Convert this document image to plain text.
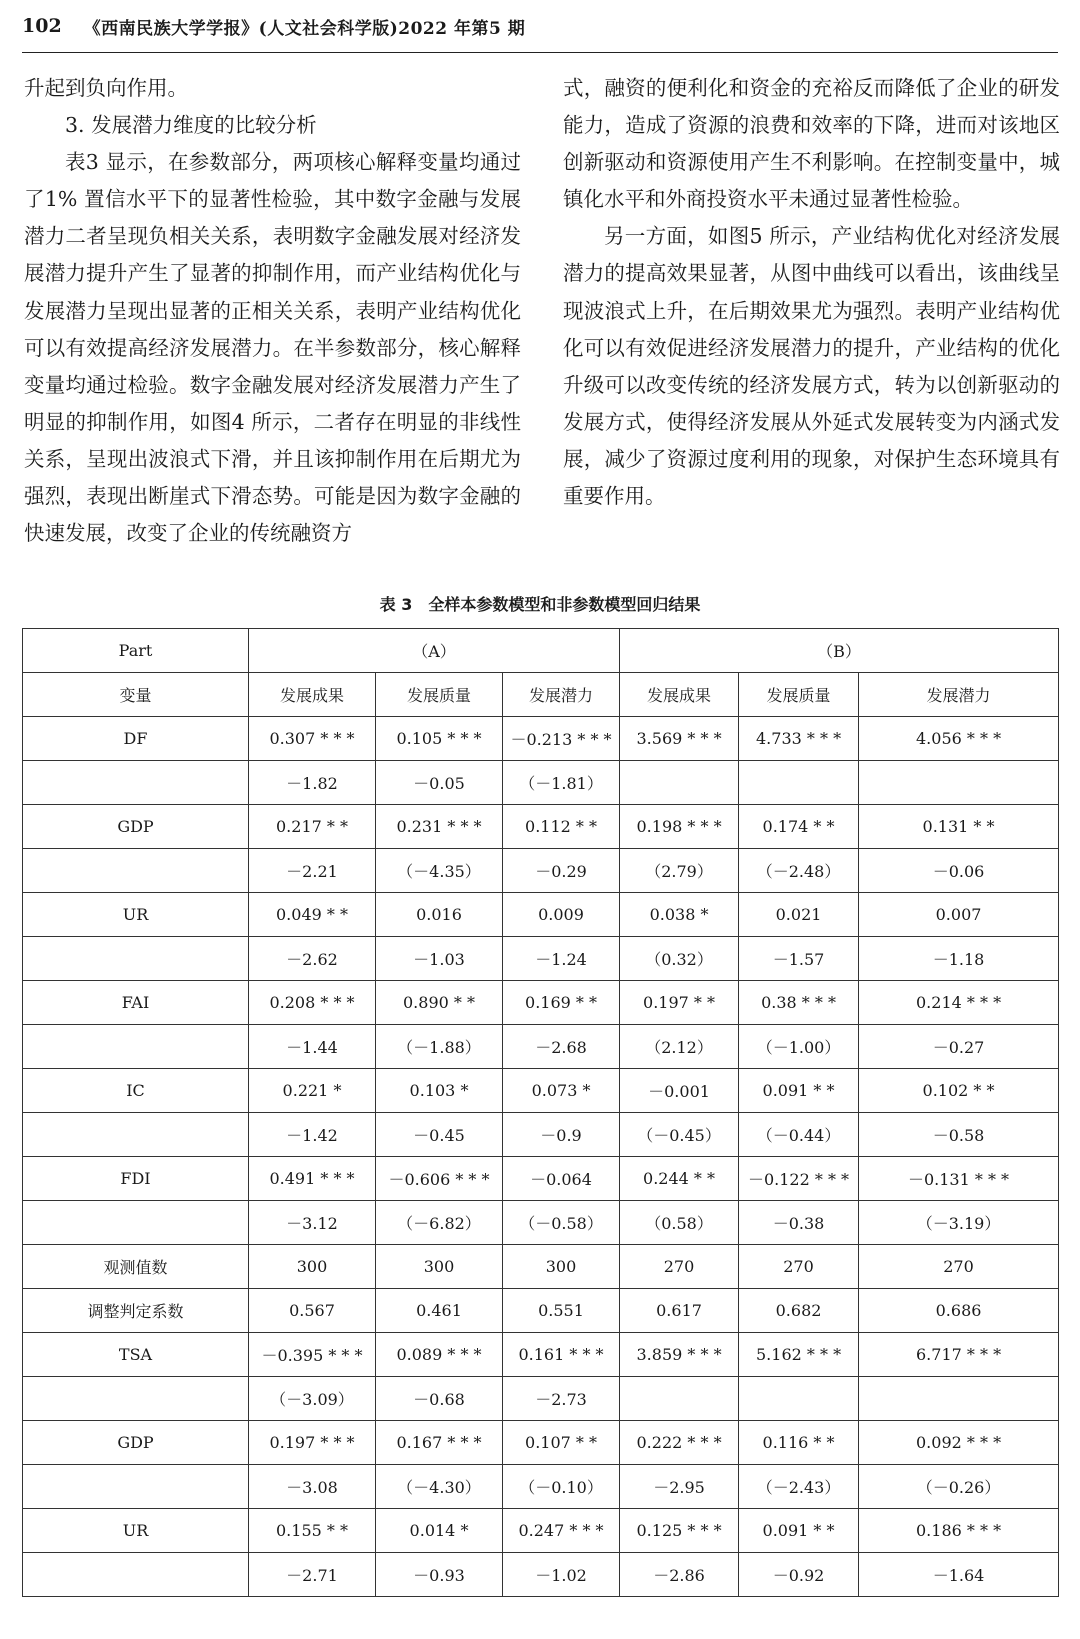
102 《西南民族大学学报》(人文社会科学版)2022 年第5 期

升起到负向作用。

3. 发展潜力维度的比较分析

表3 显示，在参数部分，两项核心解释变量均通过了1% 置信水平下的显著性检验，其中数字金融与发展潜力二者呈现负相关关系，表明数字金融发展对经济发展潜力提升产生了显著的抑制作用，而产业结构优化与发展潜力呈现出显著的正相关关系，表明产业结构优化可以有效提高经济发展潜力。在半参数部分，核心解释变量均通过检验。数字金融发展对经济发展潜力产生了明显的抑制作用，如图4 所示，二者存在明显的非线性关系，呈现出波浪式下滑，并且该抑制作用在后期尤为强烈，表现出断崖式下滑态势。可能是因为数字金融的快速发展，改变了企业的传统融资方

式，融资的便利化和资金的充裕反而降低了企业的研发能力，造成了资源的浪费和效率的下降，进而对该地区创新驱动和资源使用产生不利影响。在控制变量中，城镇化水平和外商投资水平未通过显著性检验。

另一方面，如图5 所示，产业结构优化对经济发展潜力的提高效果显著，从图中曲线可以看出，该曲线呈现波浪式上升，在后期效果尤为强烈。表明产业结构优化可以有效促进经济发展潜力的提升，产业结构的优化升级可以改变传统的经济发展方式，转为以创新驱动的发展方式，使得经济发展从外延式发展转变为内涵式发展，减少了资源过度利用的现象，对保护生态环境具有重要作用。

表 3　全样本参数模型和非参数模型回归结果
Part	（A）			（B）		
变量	发展成果	发展质量	发展潜力	发展成果	发展质量	发展潜力
DF	0.307 * * *	0.105 * * *	－0.213 * * *	3.569 * * *	4.733 * * *	4.056 * * *
	－1.82	－0.05	（－1.81）			
GDP	0.217 * *	0.231 * * *	0.112 * *	0.198 * * *	0.174 * *	0.131 * *
	－2.21	（－4.35）	－0.29	（2.79）	（－2.48）	－0.06
UR	0.049 * *	0.016	0.009	0.038 *	0.021	0.007
	－2.62	－1.03	－1.24	（0.32）	－1.57	－1.18
FAI	0.208 * * *	0.890 * *	0.169 * *	0.197 * *	0.38 * * *	0.214 * * *
	－1.44	（－1.88）	－2.68	（2.12）	（－1.00）	－0.27
IC	0.221 *	0.103 *	0.073 *	－0.001	0.091 * *	0.102 * *
	－1.42	－0.45	－0.9	（－0.45）	（－0.44）	－0.58
FDI	0.491 * * *	－0.606 * * *	－0.064	0.244 * *	－0.122 * * *	－0.131 * * *
	－3.12	（－6.82）	（－0.58）	（0.58）	－0.38	（－3.19）
观测值数	300	300	300	270	270	270
调整判定系数	0.567	0.461	0.551	0.617	0.682	0.686
TSA	－0.395 * * *	0.089 * * *	0.161 * * *	3.859 * * *	5.162 * * *	6.717 * * *
	（－3.09）	－0.68	－2.73			
GDP	0.197 * * *	0.167 * * *	0.107 * *	0.222 * * *	0.116 * *	0.092 * * *
	－3.08	（－4.30）	（－0.10）	－2.95	（－2.43）	（－0.26）
UR	0.155 * *	0.014 *	0.247 * * *	0.125 * * *	0.091 * *	0.186 * * *
	－2.71	－0.93	－1.02	－2.86	－0.92	－1.64
